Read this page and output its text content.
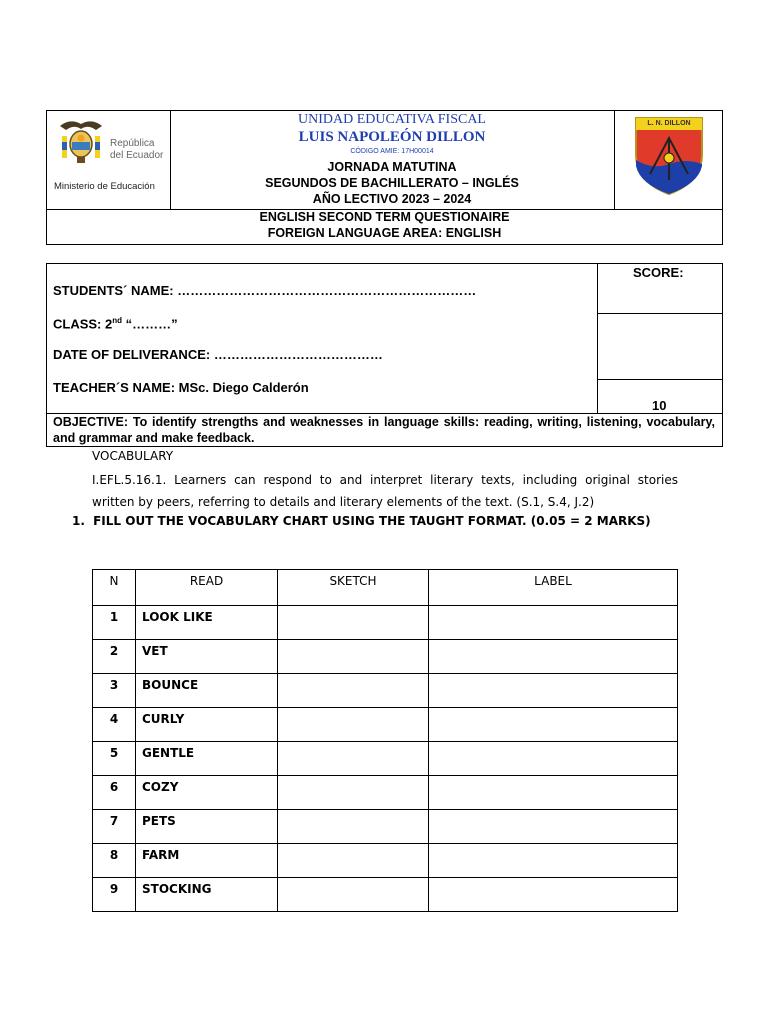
República
del Ecuador
Ministerio de Educación
UNIDAD EDUCATIVA FISCAL
LUIS NAPOLEÓN DILLON
CÓDIGO AMIE: 17H00014
JORNADA MATUTINA
SEGUNDOS DE BACHILLERATO – INGLÉS
AÑO LECTIVO 2023 – 2024
L. N. DILLON
ENGLISH SECOND TERM QUESTIONAIRE
FOREIGN LANGUAGE AREA: ENGLISH
STUDENTS´ NAME: ……………………………………………………………
CLASS: 2nd “………”
DATE OF DELIVERANCE: …………………………………
TEACHER´S NAME: MSc. Diego Calderón
SCORE:
10
OBJECTIVE: To identify strengths and weaknesses in language skills: reading, writing, listening, vocabulary, and grammar and make feedback.
VOCABULARY
I.EFL.5.16.1. Learners can respond to and interpret literary texts, including original stories written by peers, referring to details and literary elements of the text. (S.1, S.4, J.2)
1. FILL OUT THE VOCABULARY CHART USING THE TAUGHT FORMAT. (0.05 = 2 MARKS)
N	READ	SKETCH	LABEL
1	LOOK LIKE		
2	VET		
3	BOUNCE		
4	CURLY		
5	GENTLE		
6	COZY		
7	PETS		
8	FARM		
9	STOCKING		
